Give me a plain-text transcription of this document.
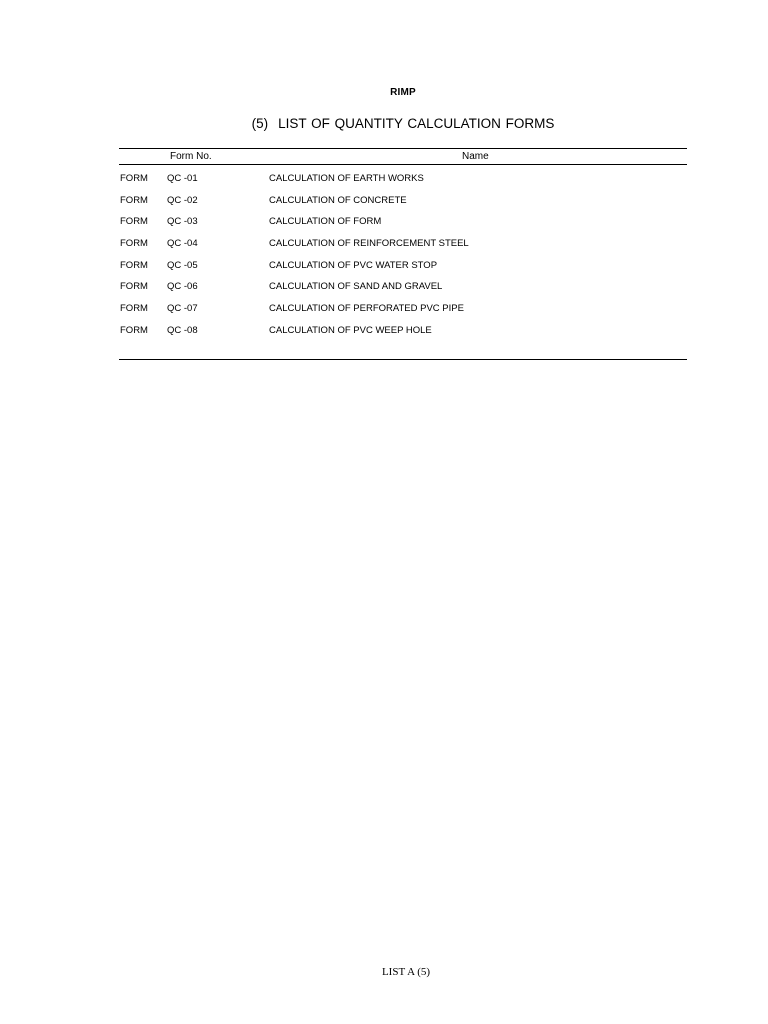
RIMP
(5) LIST OF QUANTITY CALCULATION FORMS
Form No.	Name
FORM QC -01	CALCULATION OF EARTH WORKS
FORM QC -02	CALCULATION OF CONCRETE
FORM QC -03	CALCULATION OF FORM
FORM QC -04	CALCULATION OF REINFORCEMENT STEEL
FORM QC -05	CALCULATION OF PVC WATER STOP
FORM QC -06	CALCULATION OF SAND AND GRAVEL
FORM QC -07	CALCULATION OF PERFORATED PVC PIPE
FORM QC -08	CALCULATION OF PVC WEEP HOLE
LIST A (5)
